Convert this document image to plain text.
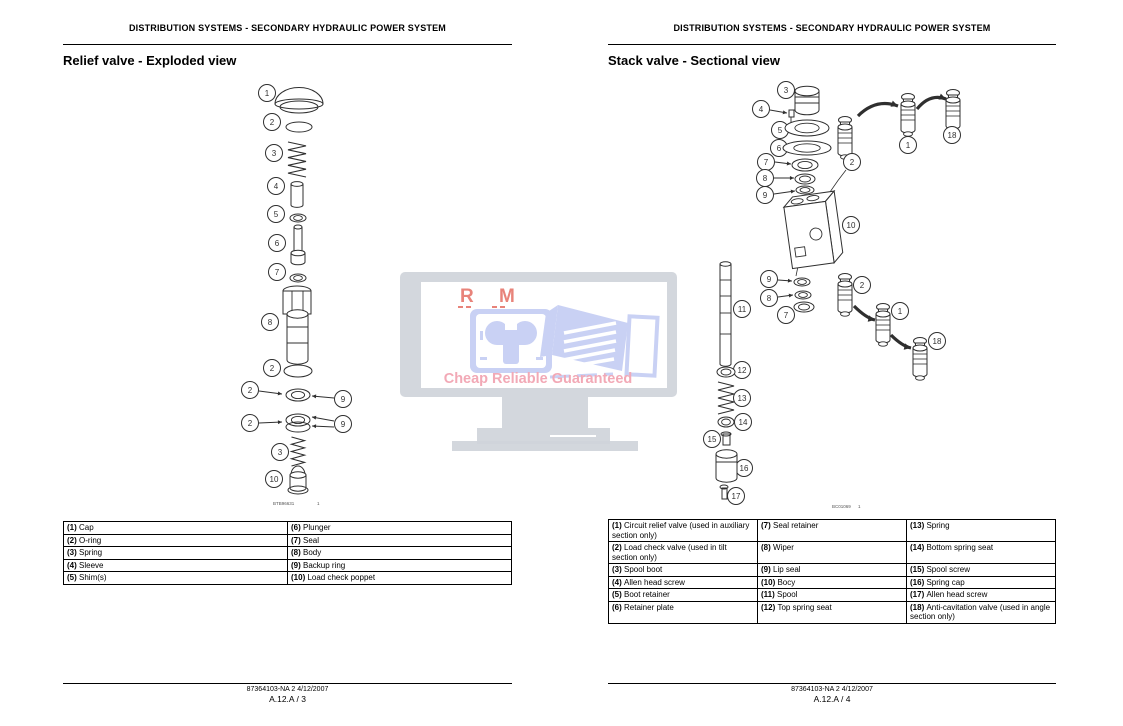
DISTRIBUTION SYSTEMS - SECONDARY HYDRAULIC POWER SYSTEM
Relief valve - Exploded view
1
2
3
4
5
6
7
8
2
2
9
2	9
3
10
BTB96631	1
(1) Cap	(6) Plunger
(2) O-ring	(7) Seal
(3) Spring	(8) Body
(4) Sleeve	(9) Backup ring
(5) Shim(s)	(10) Load check poppet
87364103-NA 2 4/12/2007
A.12.A / 3
DISTRIBUTION SYSTEMS - SECONDARY HYDRAULIC POWER SYSTEM
Stack valve - Sectional view
3
4
5
6
7
8
9
10
2
1
18
11
12
13
14
15
16
17
9
8
7
2
1
18
BC01069 1
(1) Circuit relief valve (used in auxiliary section only)	(7) Seal retainer	(13) Spring
(2) Load check valve (used in tilt section only)	(8) Wiper	(14) Bottom spring seat
(3) Spool boot	(9) Lip seal	(15) Spool screw
(4) Allen head screw	(10) Bocy	(16) Spring cap
(5) Boot retainer	(11) Spool	(17) Allen head screw
(6) Retainer plate	(12) Top spring seat	(18) Anti-cavitation valve (used in angle section only)
87364103-NA 2 4/12/2007
A.12.A / 4
R M
Cheap Reliable Guaranteed
